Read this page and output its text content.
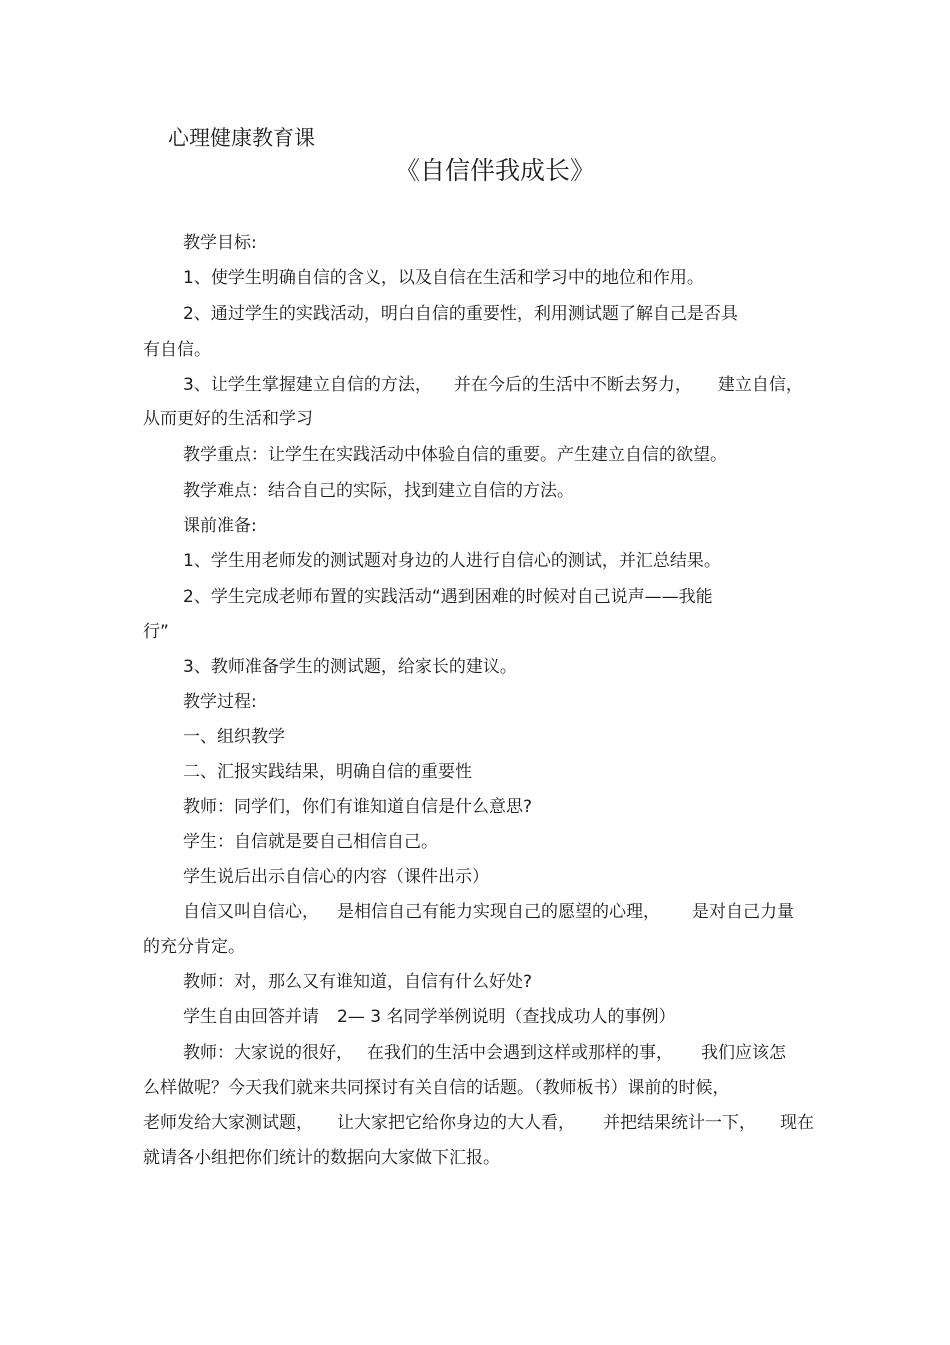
心理健康教育课
《自信伴我成长》
教学目标:
1、使学生明确自信的含义，以及自信在生活和学习中的地位和作用。
2、通过学生的实践活动，明白自信的重要性，利用测试题了解自己是否具
有自信。
3、让学生掌握建立自信的方法， 并在今后的生活中不断去努力， 建立自信，
从而更好的生活和学习
教学重点：让学生在实践活动中体验自信的重要。产生建立自信的欲望。
教学难点：结合自己的实际，找到建立自信的方法。
课前准备:
1、学生用老师发的测试题对身边的人进行自信心的测试，并汇总结果。
2、学生完成老师布置的实践活动“遇到困难的时候对自己说声——我能
行”
3、教师准备学生的测试题，给家长的建议。
教学过程:
一、组织教学
二、汇报实践结果，明确自信的重要性
教师：同学们，你们有谁知道自信是什么意思?
学生：自信就是要自己相信自己。
学生说后出示自信心的内容（课件出示）
自信又叫自信心， 是相信自己有能力实现自己的愿望的心理， 是对自己力量
的充分肯定。
教师：对，那么又有谁知道，自信有什么好处?
学生自由回答并请 2— 3 名同学举例说明（查找成功人的事例）
教师：大家说的很好， 在我们的生活中会遇到这样或那样的事， 我们应该怎
么样做呢？今天我们就来共同探讨有关自信的话题。（教师板书）课前的时候，
老师发给大家测试题， 让大家把它给你身边的大人看， 并把结果统计一下， 现在
就请各小组把你们统计的数据向大家做下汇报。
